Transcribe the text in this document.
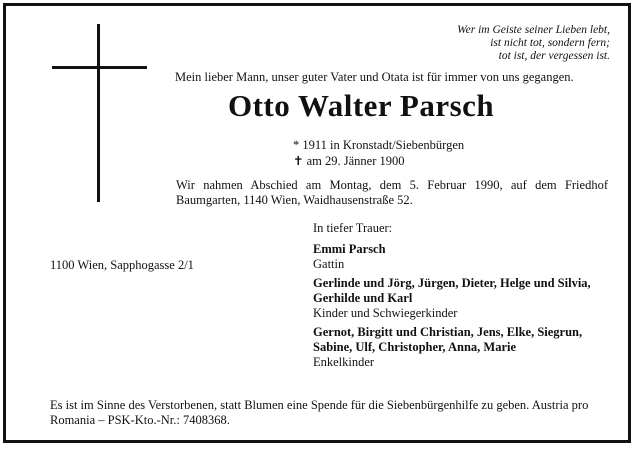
Wer im Geiste seiner Lieben lebt,
ist nicht tot, sondern fern;
tot ist, der vergessen ist.
Mein lieber Mann, unser guter Vater und Otata ist für immer von uns gegangen.
Otto Walter Parsch
* 1911 in Kronstadt/Siebenbürgen
✝ am 29. Jänner 1900
Wir nahmen Abschied am Montag, dem 5. Februar 1990, auf dem Friedhof Baumgarten, 1140 Wien, Waidhausenstraße 52.
1100 Wien, Sapphogasse 2/1
In tiefer Trauer:
Emmi Parsch
Gattin
Gerlinde und Jörg, Jürgen, Dieter, Helge und Silvia, Gerhilde und Karl
Kinder und Schwiegerkinder
Gernot, Birgitt und Christian, Jens, Elke, Siegrun, Sabine, Ulf, Christopher, Anna, Marie
Enkelkinder
Es ist im Sinne des Verstorbenen, statt Blumen eine Spende für die Siebenbürgenhilfe zu geben. Austria pro Romania – PSK-Kto.-Nr.: 7408368.
